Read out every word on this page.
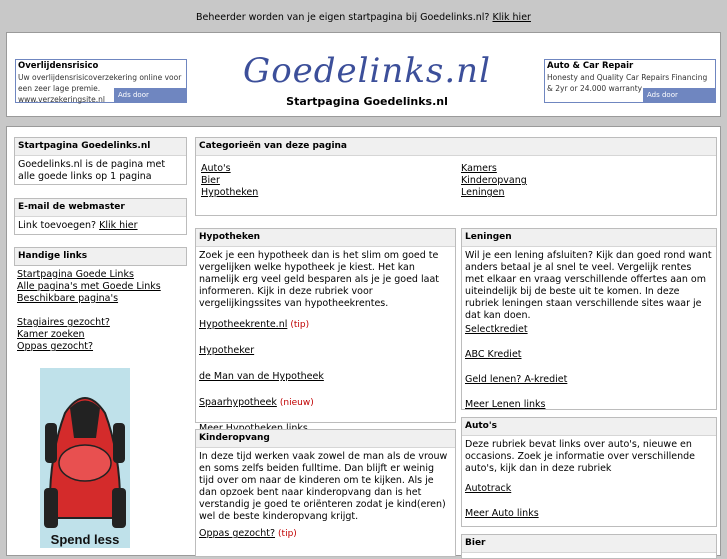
Beheerder worden van je eigen startpagina bij Goedelinks.nl? Klik hier
Overlijdensrisico
Uw overlijdensrisicoverzekering online voor een zeer lage premie. www.verzekeringsite.nl	Ads door Google
Goedelinks.nl
Startpagina Goedelinks.nl
Auto & Car Repair
Honesty and Quality Car Repairs Financing & 2yr or 24.000 warranty
Ads door Google
Startpagina Goedelinks.nl
Goedelinks.nl is de pagina met alle goede links op 1 pagina
E-mail de webmaster
Link toevoegen? Klik hier
Handige links
Startpagina Goede Links
Alle pagina's met Goede Links
Beschikbare pagina's
Stagiaires gezocht?
Kamer zoeken
Oppas gezocht?
Spend less
Categorieën van deze pagina
Auto's
Bier
Hypotheken
Kamers
Kinderopvang
Leningen
Hypotheken
Zoek je een hypotheek dan is het slim om goed te vergelijken welke hypotheek je kiest. Het kan namelijk erg veel geld besparen als je je goed laat informeren. Kijk in deze rubriek voor vergelijkingssites van hypotheekrentes.
Hypotheekrente.nl (tip)
Hypotheker
de Man van de Hypotheek
Spaarhypotheek (nieuw)
Kinderopvang
In deze tijd werken vaak zowel de man als de vrouw en soms zelfs beiden fulltime. Dan blijft er weinig tijd over om naar de kinderen om te kijken. Als je dan opzoek bent naar kinderopvang dan is het verstandig je goed te oriënteren zodat je kind(eren) wel de beste kinderopvang krijgt.
Oppas gezocht? (tip)
Leningen
Wil je een lening afsluiten? Kijk dan goed rond want anders betaal je al snel te veel. Vergelijk rentes met elkaar en vraag verschillende offertes aan om uiteindelijk bij de beste uit te komen. In deze rubriek leningen staan verschillende sites waar je dat kan doen.
Selectkrediet
ABC Krediet
Geld lenen? A-krediet
Meer Lenen links
Auto's
Deze rubriek bevat links over auto's, nieuwe en occasions. Zoek je informatie over verschillende auto's, kijk dan in deze rubriek
Autotrack
Meer Auto links
Bier
